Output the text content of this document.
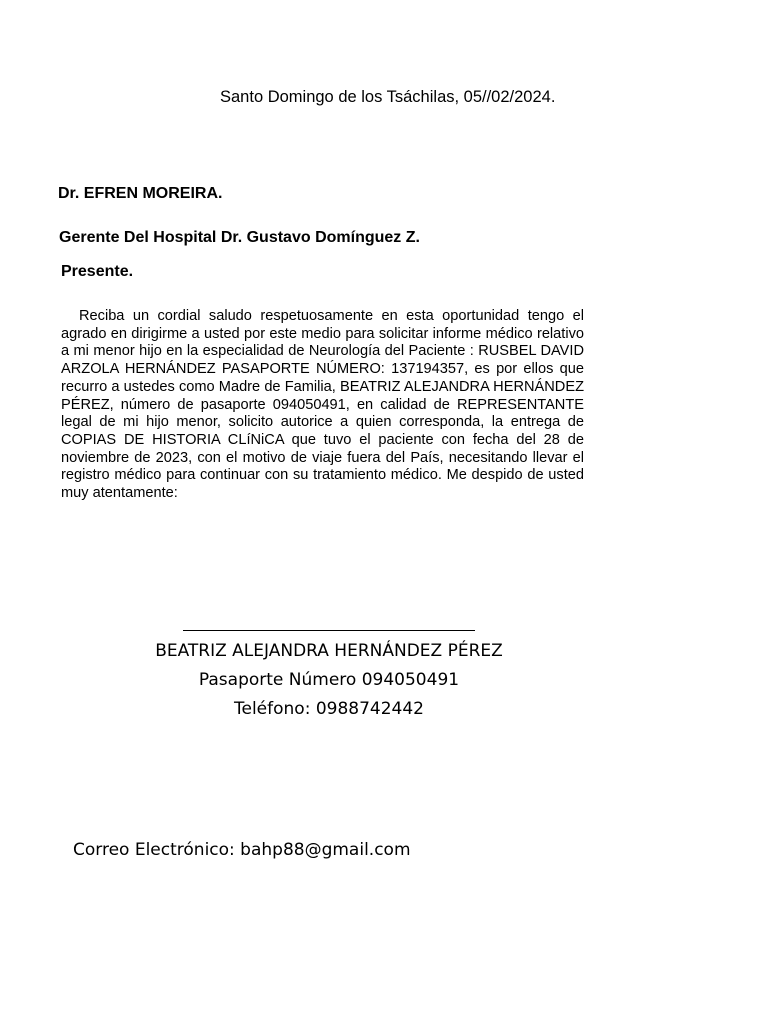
Santo Domingo de los Tsáchilas, 05//02/2024.
Dr. EFREN MOREIRA.
Gerente Del Hospital Dr. Gustavo Domínguez Z.
Presente.

Reciba un cordial saludo respetuosamente en esta oportunidad tengo el agrado en dirigirme a usted por este medio para solicitar informe médico relativo a mi menor hijo en la especialidad de Neurología del Paciente : RUSBEL DAVID ARZOLA HERNÁNDEZ PASAPORTE NÚMERO: 137194357, es por ellos que recurro a ustedes como Madre de Familia, BEATRIZ ALEJANDRA HERNÁNDEZ PÉREZ, número de pasaporte 094050491, en calidad de REPRESENTANTE legal de mi hijo menor, solicito autorice a quien corresponda, la entrega de COPIAS DE HISTORIA CLíNiCA que tuvo el paciente con fecha del 28 de noviembre de 2023, con el motivo de viaje fuera del País, necesitando llevar el registro médico para continuar con su tratamiento médico. Me despido de usted muy atentamente:

BEATRIZ ALEJANDRA HERNÁNDEZ PÉREZ
Pasaporte Número 094050491
Teléfono: 0988742442
Correo Electrónico: bahp88@gmail.com
